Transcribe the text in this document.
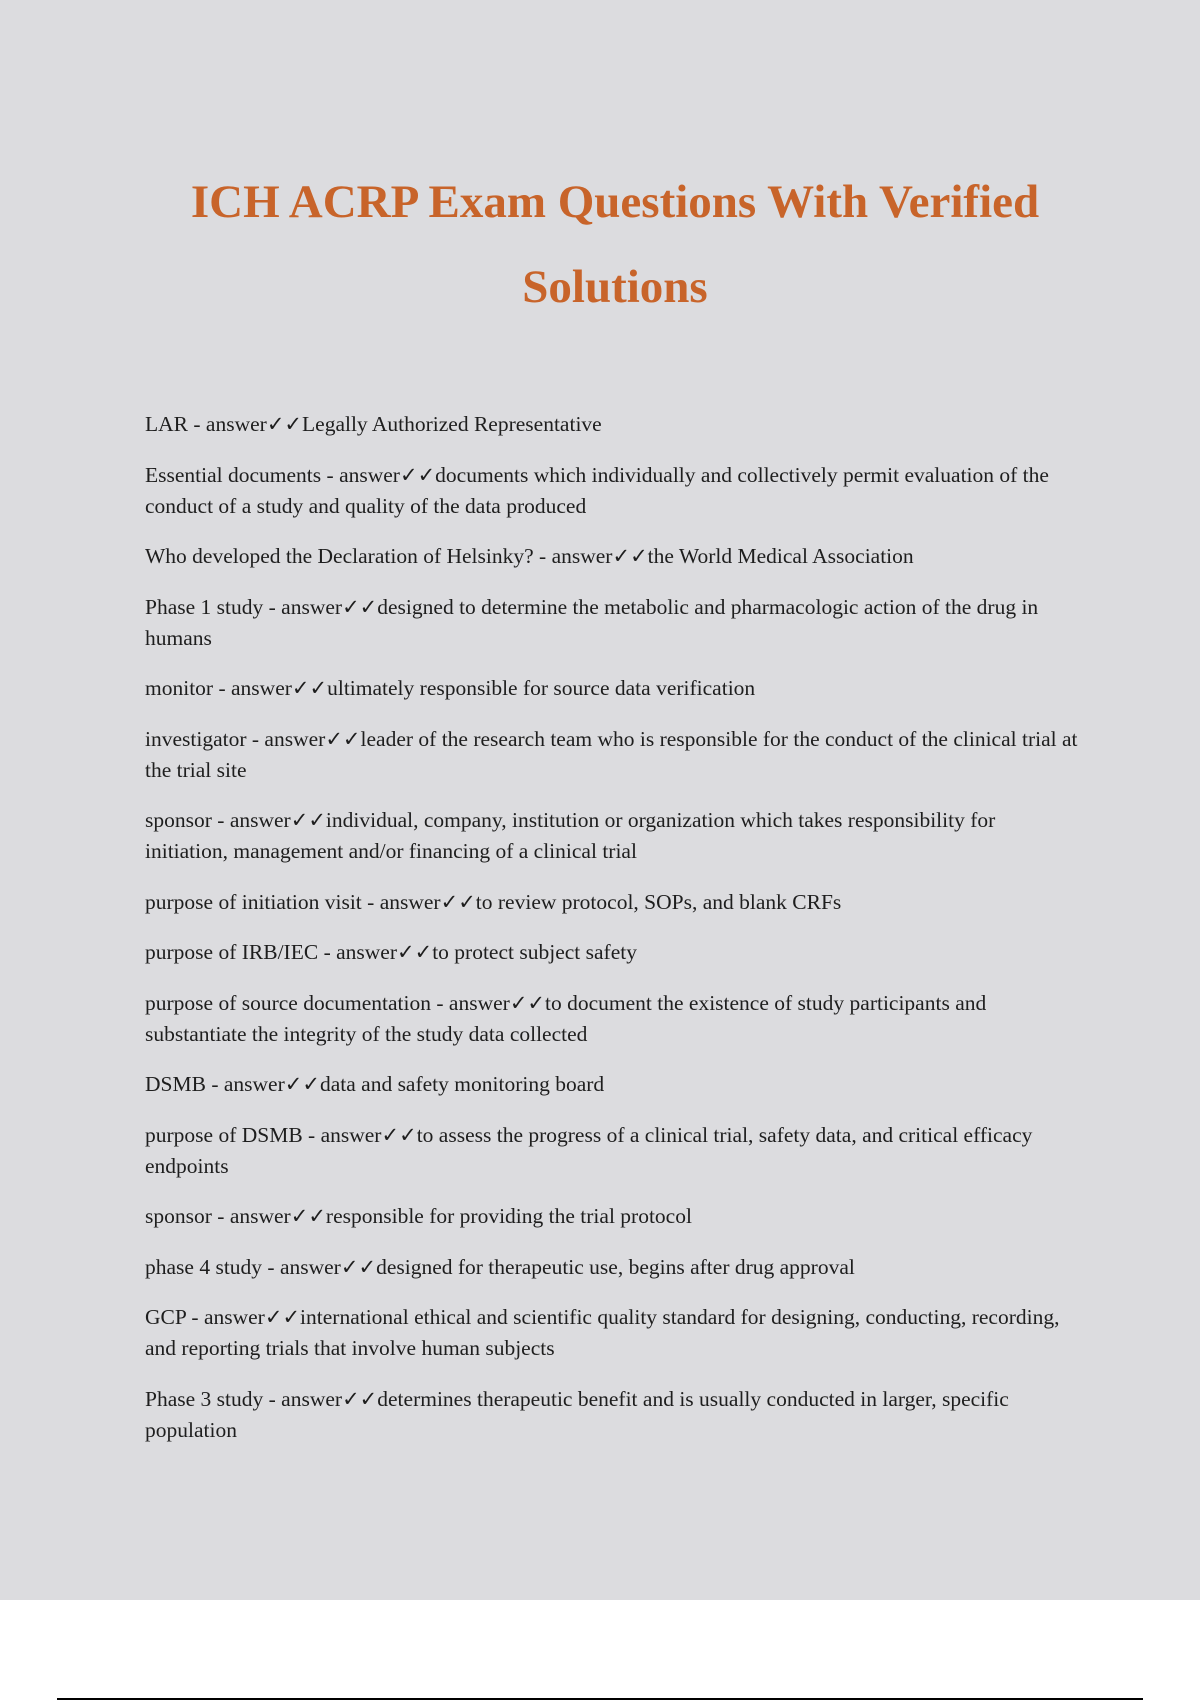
ICH ACRP Exam Questions With Verified Solutions
LAR - answer✓✓Legally Authorized Representative
Essential documents - answer✓✓documents which individually and collectively permit evaluation of the conduct of a study and quality of the data produced
Who developed the Declaration of Helsinky? - answer✓✓the World Medical Association
Phase 1 study - answer✓✓designed to determine the metabolic and pharmacologic action of the drug in humans
monitor - answer✓✓ultimately responsible for source data verification
investigator - answer✓✓leader of the research team who is responsible for the conduct of the clinical trial at the trial site
sponsor - answer✓✓individual, company, institution or organization which takes responsibility for initiation, management and/or financing of a clinical trial
purpose of initiation visit - answer✓✓to review protocol, SOPs, and blank CRFs
purpose of IRB/IEC - answer✓✓to protect subject safety
purpose of source documentation - answer✓✓to document the existence of study participants and substantiate the integrity of the study data collected
DSMB - answer✓✓data and safety monitoring board
purpose of DSMB - answer✓✓to assess the progress of a clinical trial, safety data, and critical efficacy endpoints
sponsor - answer✓✓responsible for providing the trial protocol
phase 4 study - answer✓✓designed for therapeutic use, begins after drug approval
GCP - answer✓✓international ethical and scientific quality standard for designing, conducting, recording, and reporting trials that involve human subjects
Phase 3 study - answer✓✓determines therapeutic benefit and is usually conducted in larger, specific population
